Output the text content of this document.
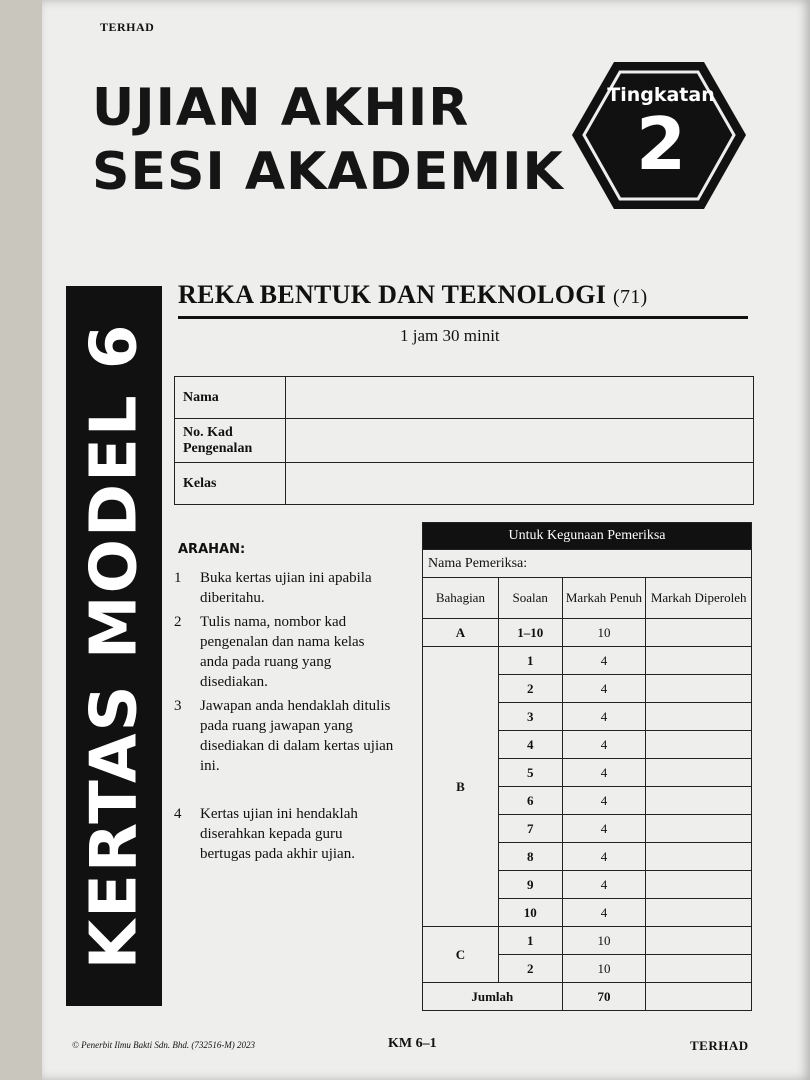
TERHAD
UJIAN AKHIR
SESI AKADEMIK
Tingkatan
2
KERTAS MODEL 6
REKA BENTUK DAN TEKNOLOGI (71)
1 jam 30 minit
Nama	
No. Kad Pengenalan	
Kelas	
ARAHAN:
1	Buka kertas ujian ini apabila diberitahu.
2	Tulis nama, nombor kad pengenalan dan nama kelas anda pada ruang yang disediakan.
3	Jawapan anda hendaklah ditulis pada ruang jawapan yang disediakan di dalam kertas ujian ini.
4	Kertas ujian ini hendaklah diserahkan kepada guru bertugas pada akhir ujian.
Untuk Kegunaan Pemeriksa			
Nama Pemeriksa:			
Bahagian	Soalan	Markah Penuh	Markah Diperoleh
A	1–10	10	
B	1	4	
	2	4	
	3	4	
	4	4	
	5	4	
	6	4	
	7	4	
	8	4	
	9	4	
	10	4	
C	1	10	
	2	10	
Jumlah		70	
© Penerbit Ilmu Bakti Sdn. Bhd. (732516-M) 2023	KM 6–1	TERHAD
